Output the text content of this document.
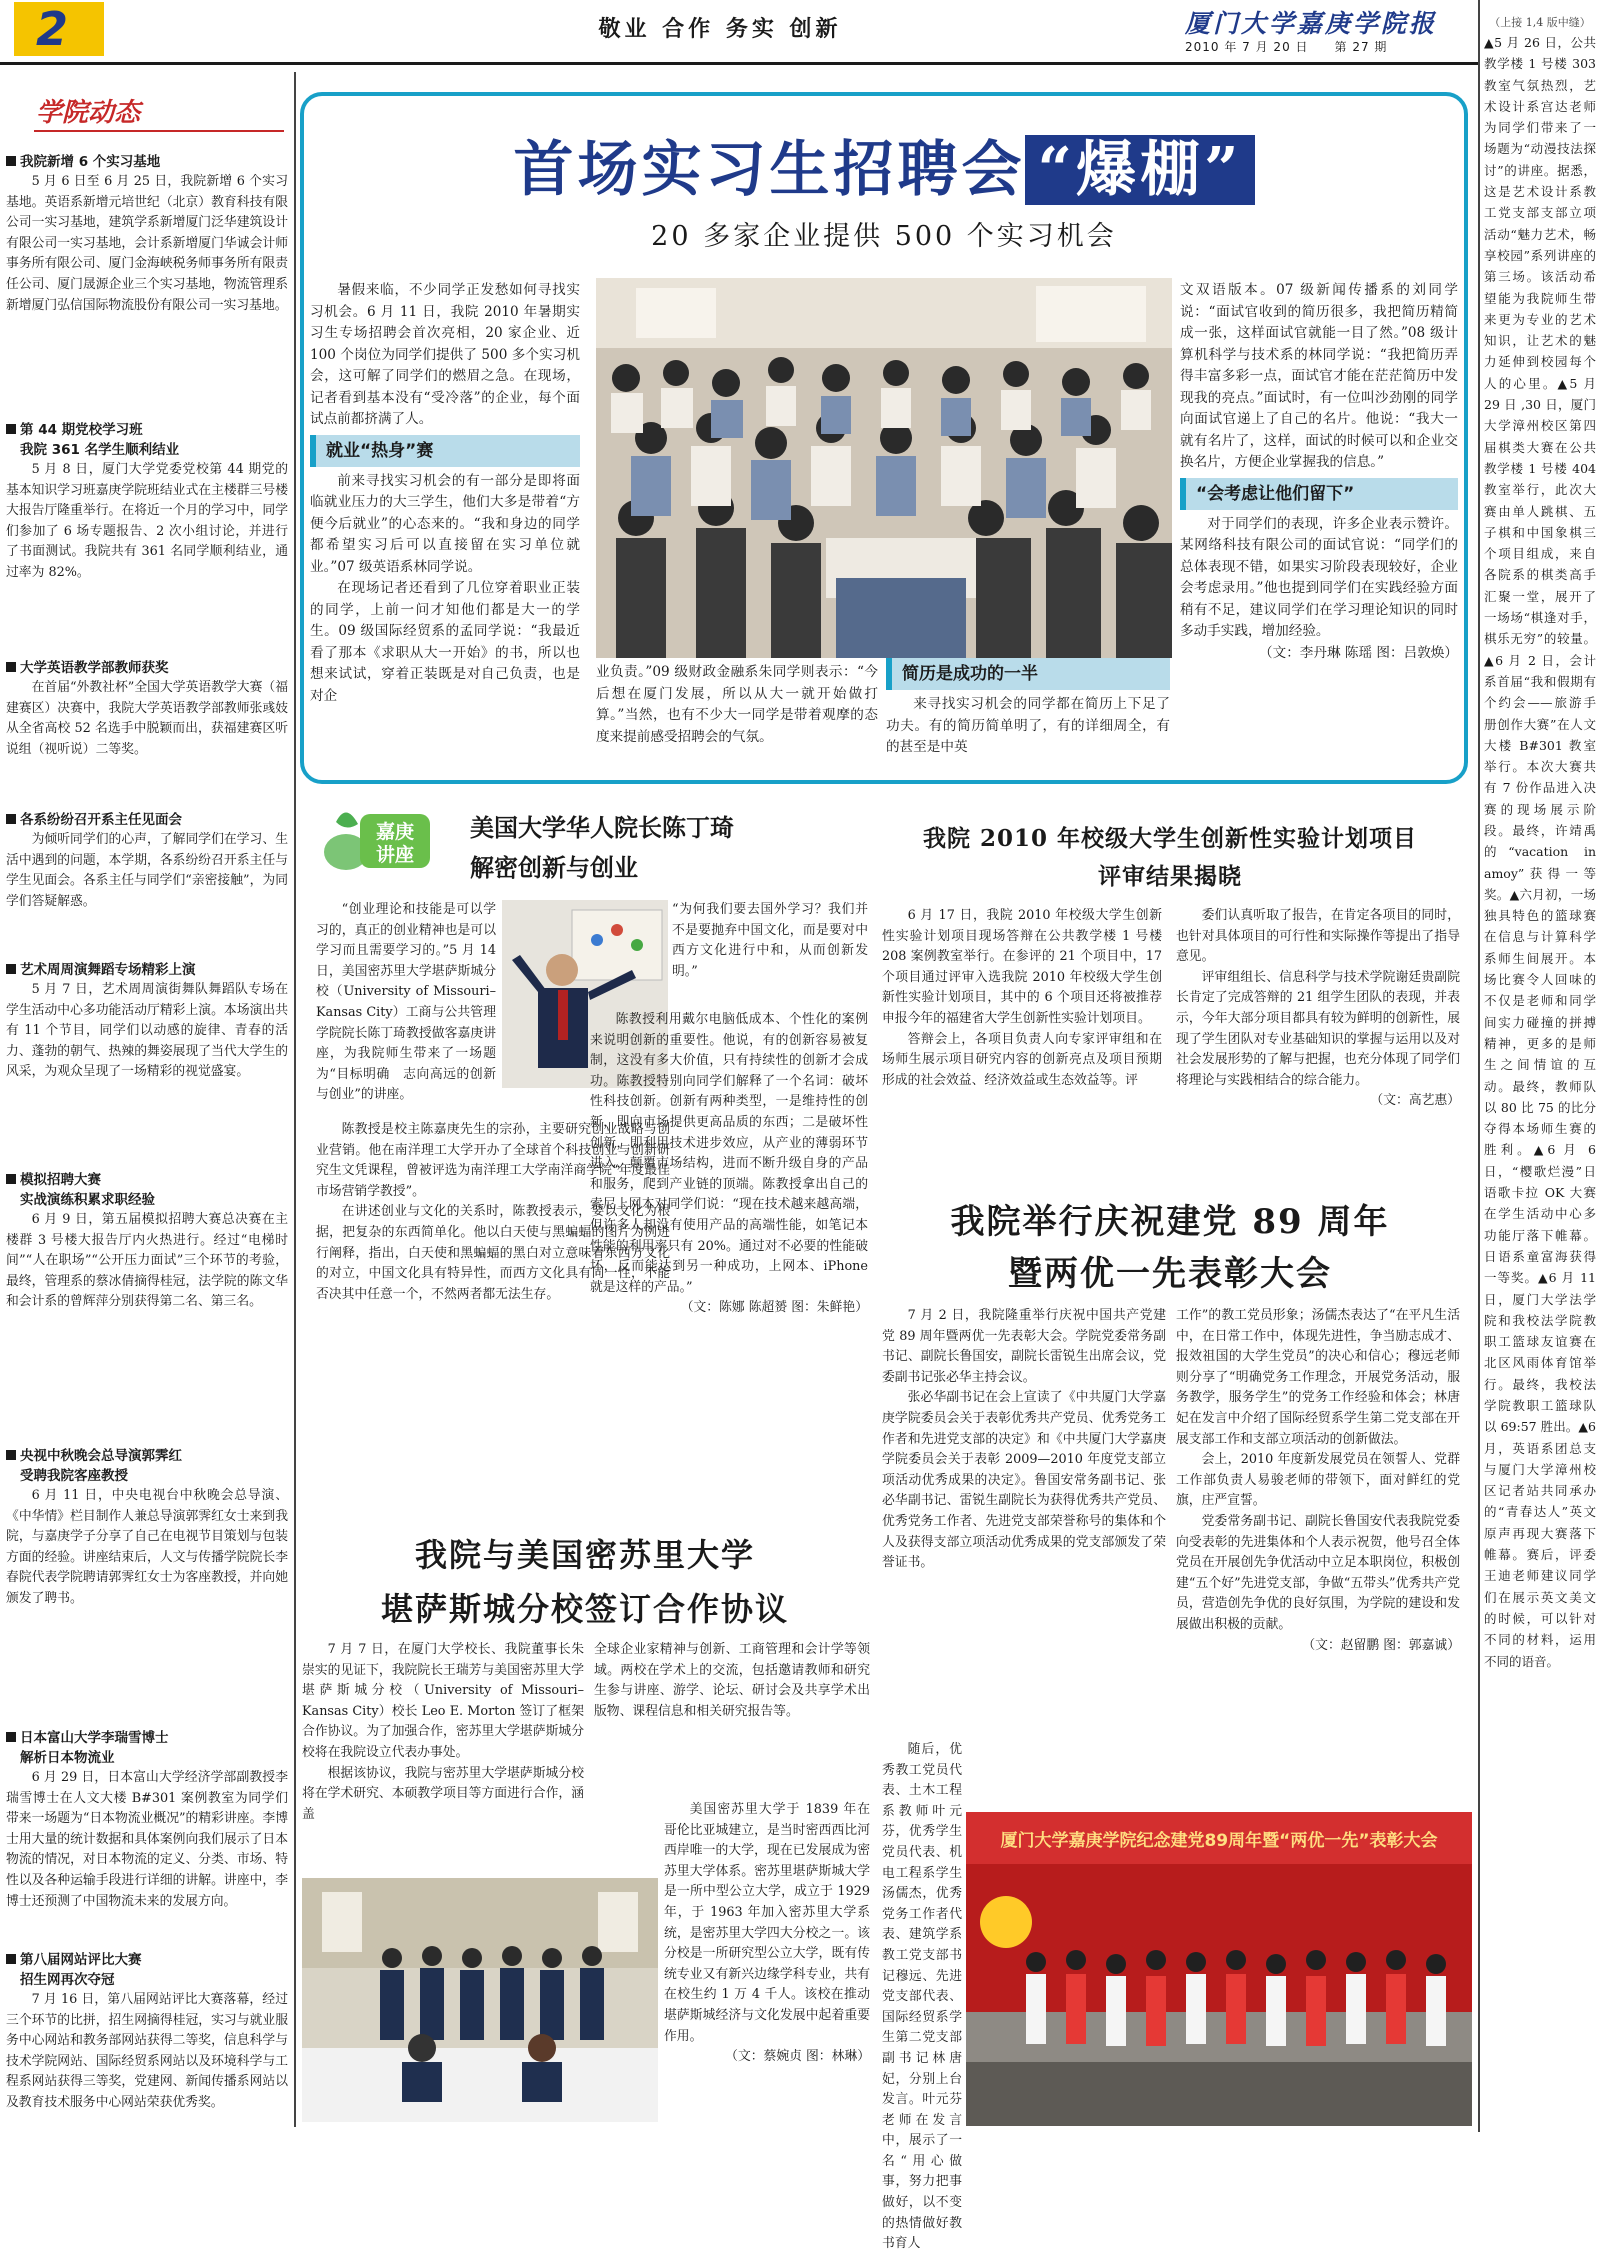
2	敬业 合作 务实 创新	厦门大学嘉庚学院报
2010 年 7 月 20 日　　第 27 期
学院动态
我院新增 6 个实习基地
5 月 6 日至 6 月 25 日，我院新增 6 个实习基地。英语系新增元培世纪（北京）教育科技有限公司一实习基地，建筑学系新增厦门泛华建筑设计有限公司一实习基地，会计系新增厦门华诚会计师事务所有限公司、厦门金海峡税务师事务所有限责任公司、厦门晟源企业三个实习基地，物流管理系新增厦门弘信国际物流股份有限公司一实习基地。
第 44 期党校学习班
我院 361 名学生顺利结业
5 月 8 日，厦门大学党委党校第 44 期党的基本知识学习班嘉庚学院班结业式在主楼群三号楼大报告厅隆重举行。在将近一个月的学习中，同学们参加了 6 场专题报告、2 次小组讨论，并进行了书面测试。我院共有 361 名同学顺利结业，通过率为 82%。
大学英语教学部教师获奖
在首届“外教社杯”全国大学英语教学大赛（福建赛区）决赛中，我院大学英语教学部教师张彧妓从全省高校 52 名选手中脱颖而出，获福建赛区听说组（视听说）二等奖。
各系纷纷召开系主任见面会
为倾听同学们的心声，了解同学们在学习、生活中遇到的问题，本学期，各系纷纷召开系主任与学生见面会。各系主任与同学们“亲密接触”，为同学们答疑解惑。
艺术周周演舞蹈专场精彩上演
5 月 7 日，艺术周周演街舞队舞蹈队专场在学生活动中心多功能活动厅精彩上演。本场演出共有 11 个节目，同学们以动感的旋律、青春的活力、蓬勃的朝气、热辣的舞姿展现了当代大学生的风采，为观众呈现了一场精彩的视觉盛宴。
模拟招聘大赛
实战演练积累求职经验
6 月 9 日，第五届模拟招聘大赛总决赛在主楼群 3 号楼大报告厅内火热进行。经过“电梯时间”“人在职场”“公开压力面试”三个环节的考验，最终，管理系的蔡冰倩摘得桂冠，法学院的陈文华和会计系的曾辉萍分别获得第二名、第三名。
央视中秋晚会总导演郭霁红
受聘我院客座教授
6 月 11 日，中央电视台中秋晚会总导演、《中华情》栏目制作人兼总导演郭霁红女士来到我院，与嘉庚学子分享了自己在电视节目策划与包装方面的经验。讲座结束后，人文与传播学院院长李春院代表学院聘请郭霁红女士为客座教授，并向她颁发了聘书。
日本富山大学李瑞雪博士
解析日本物流业
6 月 29 日，日本富山大学经济学部副教授李瑞雪博士在人文大楼 B#301 案例教室为同学们带来一场题为“日本物流业概况”的精彩讲座。李博士用大量的统计数据和具体案例向我们展示了日本物流的情况，对日本物流的定义、分类、市场、特性以及各种运输手段进行详细的讲解。讲座中，李博士还预测了中国物流未来的发展方向。
第八届网站评比大赛
招生网再次夺冠
7 月 16 日，第八届网站评比大赛落幕，经过三个环节的比拼，招生网摘得桂冠，实习与就业服务中心网站和教务部网站获得二等奖，信息科学与技术学院网站、国际经贸系网站以及环境科学与工程系网站获得三等奖，党建网、新闻传播系网站以及教育技术服务中心网站荣获优秀奖。
首场实习生招聘会 “爆棚”
20 多家企业提供 500 个实习机会

暑假来临，不少同学正发愁如何寻找实习机会。6 月 11 日，我院 2010 年暑期实习生专场招聘会首次亮相，20 家企业、近 100 个岗位为同学们提供了 500 多个实习机会，这可解了同学们的燃眉之急。在现场，记者看到基本没有“受冷落”的企业，每个面试点前都挤满了人。

就业“热身”赛

前来寻找实习机会的有一部分是即将面临就业压力的大三学生，他们大多是带着“方便今后就业”的心态来的。“我和身边的同学都希望实习后可以直接留在实习单位就业。”07 级英语系林同学说。

在现场记者还看到了几位穿着职业正装的同学，上前一问才知他们都是大一的学生。09 级国际经贸系的孟同学说：“我最近看了那本《求职从大一开始》的书，所以也想来试试，穿着正装既是对自己负责，也是对企

业负责。”09 级财政金融系朱同学则表示：“今后想在厦门发展，所以从大一就开始做打算。”当然，也有不少大一同学是带着观摩的态度来提前感受招聘会的气氛。

简历是成功的一半

来寻找实习机会的同学都在简历上下足了功夫。有的简历简单明了，有的详细周全，有的甚至是中英

文双语版本。07 级新闻传播系的刘同学说：“面试官收到的简历很多，我把简历精简成一张，这样面试官就能一目了然。”08 级计算机科学与技术系的林同学说：“我把简历弄得丰富多彩一点，面试官才能在茫茫简历中发现我的亮点。”面试时，有一位叫沙劲刚的同学向面试官递上了自己的名片。他说：“我大一就有名片了，这样，面试的时候可以和企业交换名片，方便企业掌握我的信息。”

“会考虑让他们留下”

对于同学们的表现，许多企业表示赞许。某网络科技有限公司的面试官说：“同学们的总体表现不错，如果实习阶段表现较好，企业会考虑录用。”他也提到同学们在实践经验方面稍有不足，建议同学们在学习理论知识的同时多动手实践，增加经验。

（文：李丹琳 陈瑶 图：吕敦焕）

嘉庚
讲座
美国大学华人院长陈丁琦
解密创新与创业
“创业理论和技能是可以学习的，真正的创业精神也是可以学习而且需要学习的。”5 月 14 日，美国密苏里大学堪萨斯城分校（University of Missouri–Kansas City）工商与公共管理学院院长陈丁琦教授做客嘉庚讲座，为我院师生带来了一场题为“目标明确　志向高远的创新与创业”的讲座。

陈教授是校主陈嘉庚先生的宗孙，主要研究创业战略与创业营销。他在南洋理工大学开办了全球首个科技创业与创新研究生文凭课程，曾被评选为南洋理工大学南洋商学院“年度最佳市场营销学教授”。

在讲述创业与文化的关系时，陈教授表示，要以文化为根据，把复杂的东西简单化。他以白天使与黑蝙蝠的图片为例进行阐释，指出，白天使和黑蝙蝠的黑白对立意味着东西方文化的对立，中国文化具有特异性，而西方文化具有同一性，不能否决其中任意一个，不然两者都无法生存。

“为何我们要去国外学习？我们并不是要抛弃中国文化，而是要对中西方文化进行中和，从而创新发明。”

陈教授利用戴尔电脑低成本、个性化的案例来说明创新的重要性。他说，有的创新容易被复制，这没有多大价值，只有持续性的创新才会成功。陈教授特别向同学们解释了一个名词：破坏性科技创新。创新有两种类型，一是维持性的创新，即向市场提供更高品质的东西；二是破坏性创新，即利用技术进步效应，从产业的薄弱环节进入，颠覆市场结构，进而不断升级自身的产品和服务，爬到产业链的顶端。陈教授拿出自己的索尼上网本对同学们说：“现在技术越来越高端，但许多人却没有使用产品的高端性能，如笔记本性能的利用率只有 20%。通过对不必要的性能破坏，反而能达到另一种成功，上网本、iPhone 就是这样的产品。”

（文：陈娜 陈超赟 图：朱鲜艳）

我院 2010 年校级大学生创新性实验计划项目
评审结果揭晓

6 月 17 日，我院 2010 年校级大学生创新性实验计划项目现场答辩在公共教学楼 1 号楼 208 案例教室举行。在参评的 21 个项目中，17 个项目通过评审入选我院 2010 年校级大学生创新性实验计划项目，其中的 6 个项目还将被推荐申报今年的福建省大学生创新性实验计划项目。

答辩会上，各项目负责人向专家评审组和在场师生展示项目研究内容的创新亮点及项目预期形成的社会效益、经济效益或生态效益等。评

委们认真听取了报告，在肯定各项目的同时，也针对具体项目的可行性和实际操作等提出了指导意见。

评审组组长、信息科学与技术学院谢廷贵副院长肯定了完成答辩的 21 组学生团队的表现，并表示，今年大部分项目都具有较为鲜明的创新性，展现了学生团队对专业基础知识的掌握与运用以及对社会发展形势的了解与把握，也充分体现了同学们将理论与实践相结合的综合能力。

（文：高艺惠）

我院举行庆祝建党 89 周年
暨两优一先表彰大会

7 月 2 日，我院隆重举行庆祝中国共产党建党 89 周年暨两优一先表彰大会。学院党委常务副书记、副院长鲁国安，副院长雷锐生出席会议，党委副书记张必华主持会议。

张必华副书记在会上宣读了《中共厦门大学嘉庚学院委员会关于表彰优秀共产党员、优秀党务工作者和先进党支部的决定》和《中共厦门大学嘉庚学院委员会关于表彰 2009—2010 年度党支部立项活动优秀成果的决定》。鲁国安常务副书记、张必华副书记、雷锐生副院长为获得优秀共产党员、优秀党务工作者、先进党支部荣誉称号的集体和个人及获得支部立项活动优秀成果的党支部颁发了荣誉证书。

随后，优秀教工党员代表、土木工程系教师叶元芬，优秀学生党员代表、机电工程系学生汤儒杰，优秀党务工作者代表、建筑学系教工党支部书记穆远、先进党支部代表、国际经贸系学生第二党支部副书记林唐妃，分别上台发言。叶元芬老师在发言中，展示了一名“用心做事，努力把事做好，以不变的热情做好教书育人

工作”的教工党员形象；汤儒杰表达了“在平凡生活中，在日常工作中，体现先进性，争当励志成才、报效祖国的大学生党员”的决心和信心；穆远老师则分享了“明确党务工作理念，开展党务活动，服务教学，服务学生”的党务工作经验和体会；林唐妃在发言中介绍了国际经贸系学生第二党支部在开展支部工作和支部立项活动的创新做法。

会上，2010 年度新发展党员在领誓人、党群工作部负责人易骏老师的带领下，面对鲜红的党旗，庄严宣誓。

党委常务副书记、副院长鲁国安代表我院党委向受表彰的先进集体和个人表示祝贺，他号召全体党员在开展创先争优活动中立足本职岗位，积极创建“五个好”先进党支部，争做“五带头”优秀共产党员，营造创先争优的良好氛围，为学院的建设和发展做出积极的贡献。

（文：赵留鹏 图：郭嘉诚）

厦门大学嘉庚学院纪念建党89周年暨“两优一先”表彰大会
我院与美国密苏里大学
堪萨斯城分校签订合作协议

7 月 7 日，在厦门大学校长、我院董事长朱崇实的见证下，我院院长王瑞芳与美国密苏里大学堪萨斯城分校（University of Missouri–Kansas City）校长 Leo E. Morton 签订了框架合作协议。为了加强合作，密苏里大学堪萨斯城分校将在我院设立代表办事处。

根据该协议，我院与密苏里大学堪萨斯城分校将在学术研究、本硕教学项目等方面进行合作，涵盖

全球企业家精神与创新、工商管理和会计学等领域。两校在学术上的交流，包括邀请教师和研究生参与讲座、游学、论坛、研讨会及共享学术出版物、课程信息和相关研究报告等。

美国密苏里大学于 1839 年在哥伦比亚城建立，是当时密西西比河西岸唯一的大学，现在已发展成为密苏里大学体系。密苏里堪萨斯城大学是一所中型公立大学，成立于 1929 年，于 1963 年加入密苏里大学系统，是密苏里大学四大分校之一。该分校是一所研究型公立大学，既有传统专业又有新兴边缘学科专业，共有在校生约 1 万 4 千人。该校在推动堪萨斯城经济与文化发展中起着重要作用。

（文：蔡婉贞 图：林琳）

（上接 1,4 版中缝）
▲5 月 26 日，公共教学楼 1 号楼 303 教室气氛热烈，艺术设计系宫达老师为同学们带来了一场题为“动漫技法探讨”的讲座。据悉，这是艺术设计系教工党支部支部立项活动“魅力艺术，畅享校园”系列讲座的第三场。该活动希望能为我院师生带来更为专业的艺术知识，让艺术的魅力延伸到校园每个人的心里。▲5 月 29 日 ,30 日，厦门大学漳州校区第四届棋类大赛在公共教学楼 1 号楼 404 教室举行，此次大赛由单人跳棋、五子棋和中国象棋三个项目组成，来自各院系的棋类高手汇聚一堂，展开了一场场“棋逢对手，棋乐无穷”的较量。▲6 月 2 日，会计系首届“我和假期有个约会——旅游手册创作大赛”在人文大楼 B#301 教室举行。本次大赛共有 7 份作品进入决赛的现场展示阶段。最终，许靖禹的“vacation in amoy”获得一等奖。▲六月初，一场独具特色的篮球赛在信息与计算科学系师生间展开。本场比赛令人回味的不仅是老师和同学间实力碰撞的拼搏精神，更多的是师生之间情谊的互动。最终，教师队以 80 比 75 的比分夺得本场师生赛的胜利。▲6 月 6 日，“樱歌烂漫”日语歌卡拉 OK 大赛在学生活动中心多功能厅落下帷幕。日语系童富海获得一等奖。▲6 月 11 日，厦门大学法学院和我校法学院教职工篮球友谊赛在北区风雨体育馆举行。最终，我校法学院教职工篮球队以 69:57 胜出。▲6 月，英语系团总支与厦门大学漳州校区记者站共同承办的“青春达人”英文原声再现大赛落下帷幕。赛后，评委王迪老师建议同学们在展示英文美文的时候，可以针对不同的材料，运用不同的语音。
